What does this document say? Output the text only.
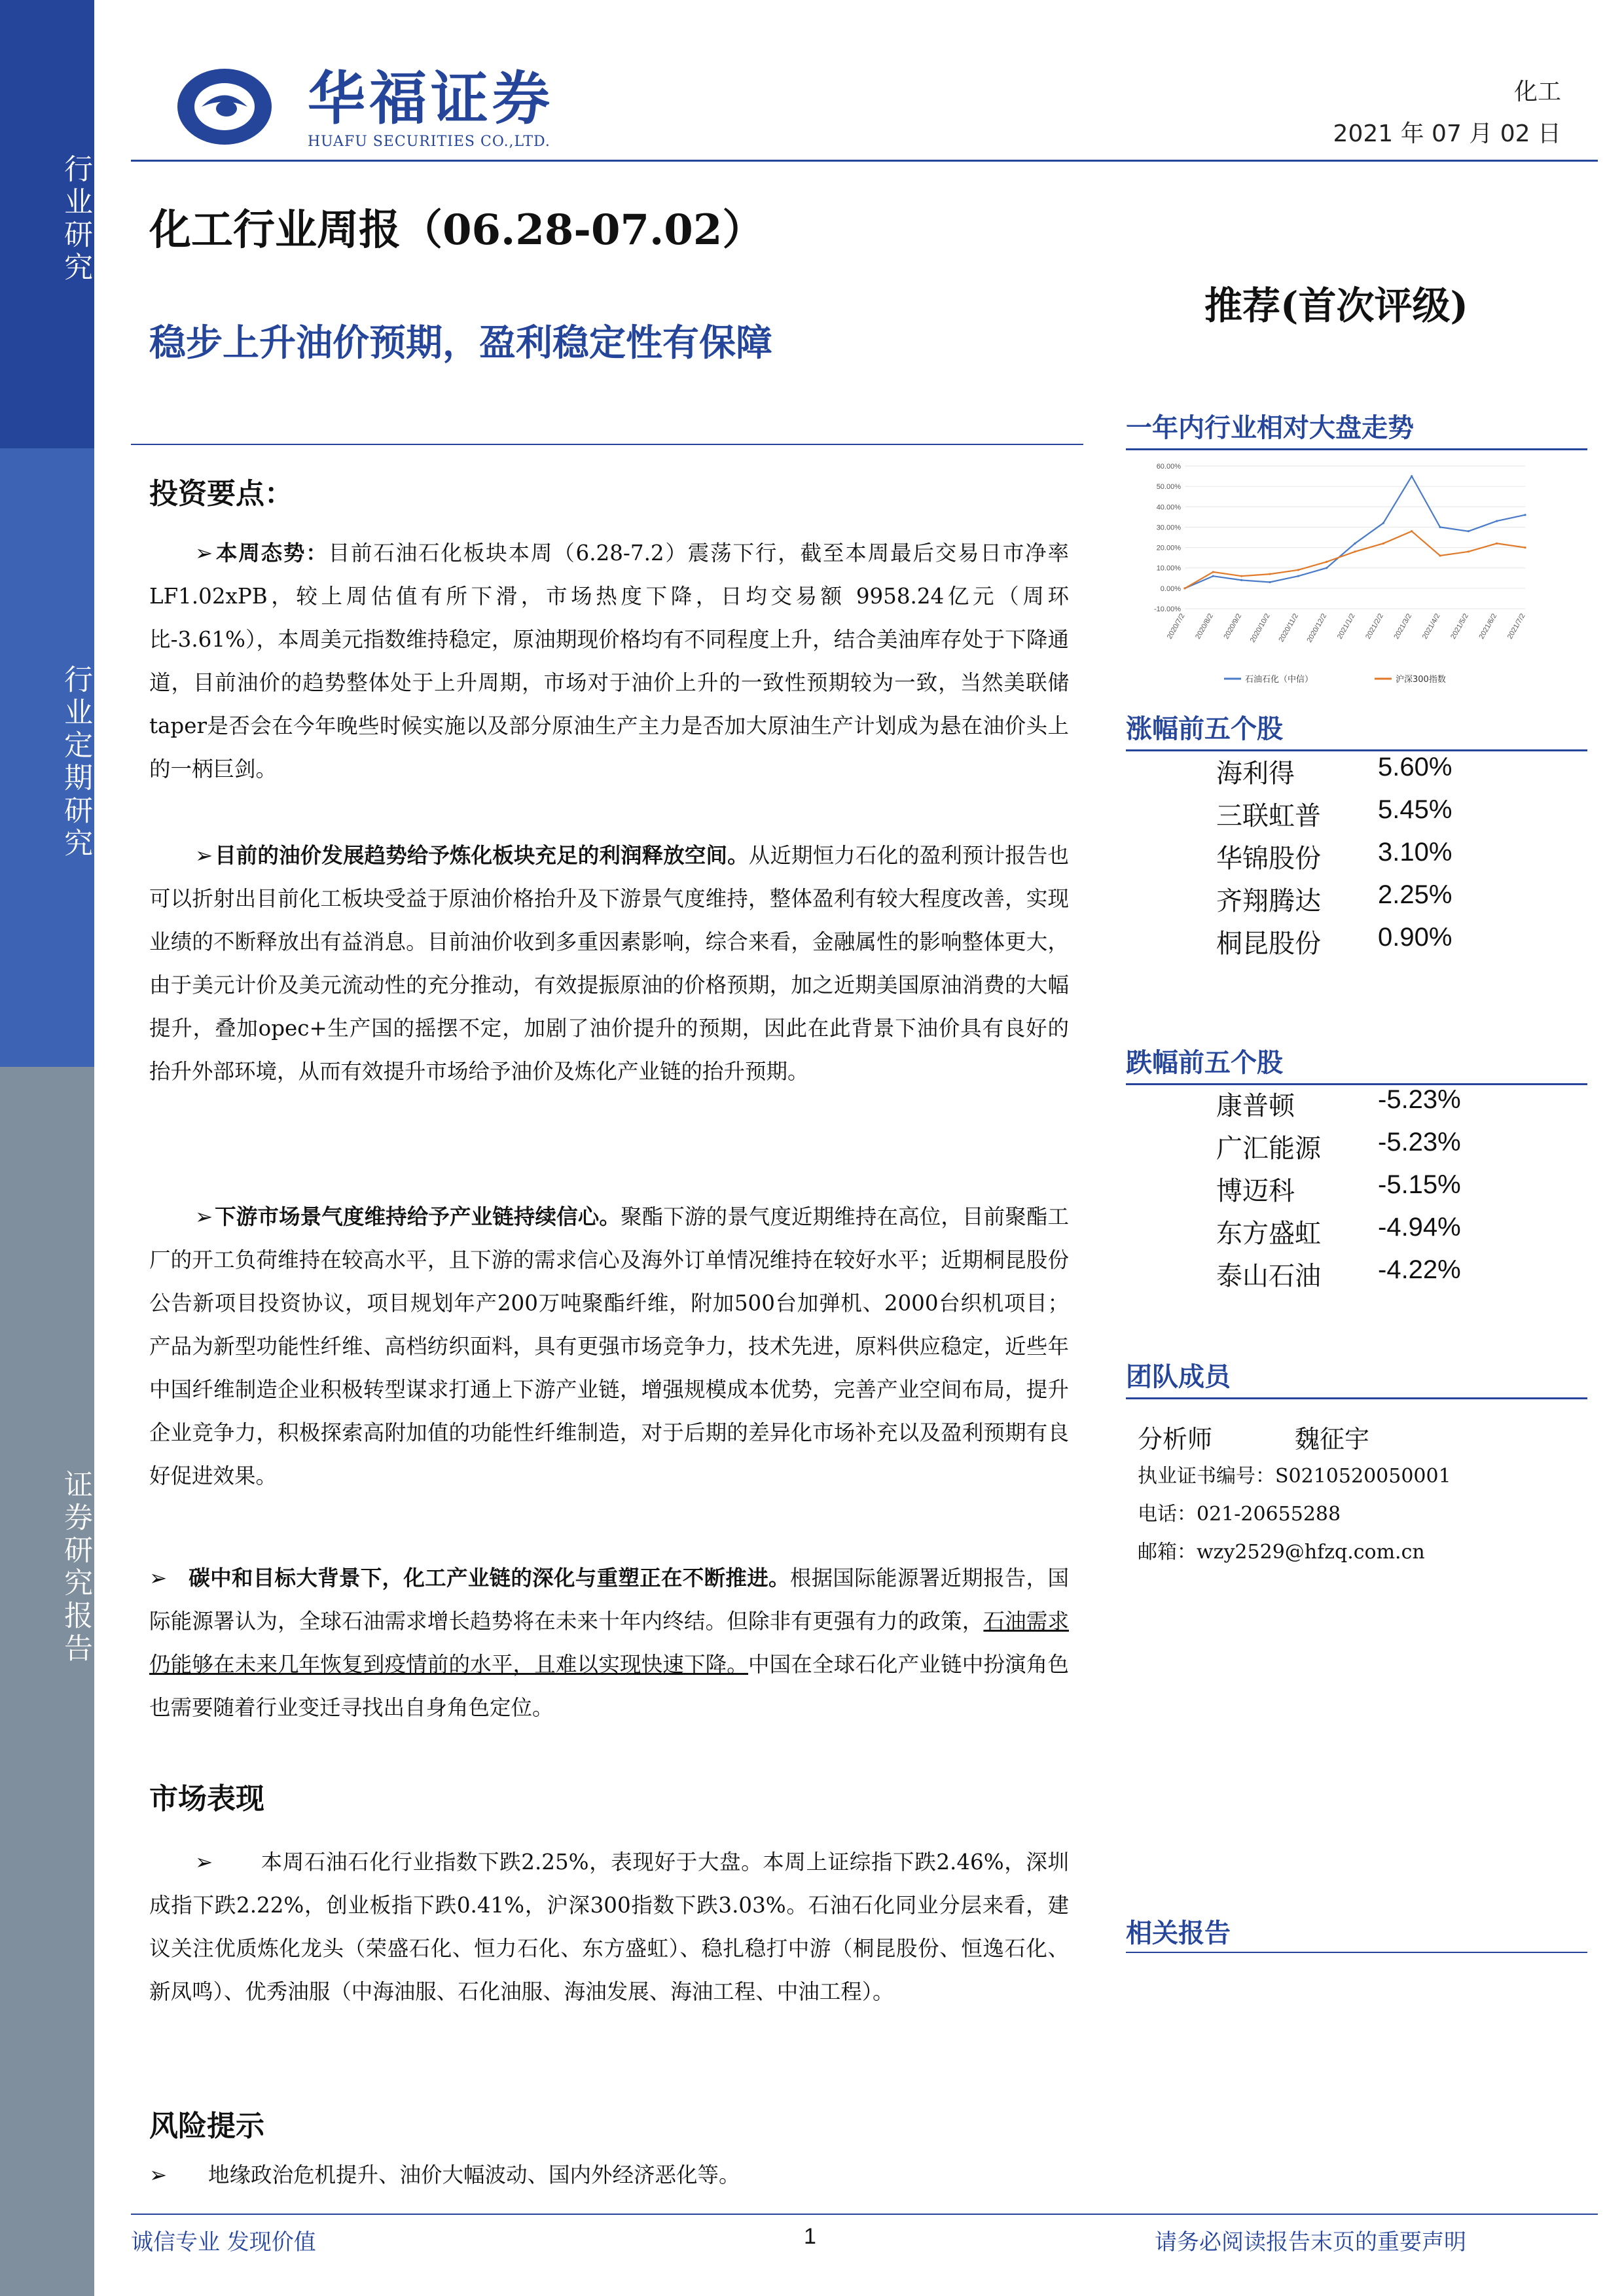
行业研究
行业定期研究
证券研究报告
华福证券
HUAFU SECURITIES CO.,LTD.
化工
2021 年 07 月 02 日
化工行业周报（06.28-07.02）
推荐(首次评级)
稳步上升油价预期，盈利稳定性有保障
投资要点：
➢本周态势：目前石油石化板块本周（6.28-7.2）震荡下行，截至本周最后交易日市净率LF1.02xPB，较上周估值有所下滑，市场热度下降，日均交易额 9958.24亿元（周环比-3.61%），本周美元指数维持稳定，原油期现价格均有不同程度上升，结合美油库存处于下降通道，目前油价的趋势整体处于上升周期，市场对于油价上升的一致性预期较为一致，当然美联储taper是否会在今年晚些时候实施以及部分原油生产主力是否加大原油生产计划成为悬在油价头上的一柄巨剑。
➢目前的油价发展趋势给予炼化板块充足的利润释放空间。从近期恒力石化的盈利预计报告也可以折射出目前化工板块受益于原油价格抬升及下游景气度维持，整体盈利有较大程度改善，实现业绩的不断释放出有益消息。目前油价收到多重因素影响，综合来看，金融属性的影响整体更大，由于美元计价及美元流动性的充分推动，有效提振原油的价格预期，加之近期美国原油消费的大幅提升，叠加opec+生产国的摇摆不定，加剧了油价提升的预期，因此在此背景下油价具有良好的抬升外部环境，从而有效提升市场给予油价及炼化产业链的抬升预期。
➢下游市场景气度维持给予产业链持续信心。聚酯下游的景气度近期维持在高位，目前聚酯工厂的开工负荷维持在较高水平，且下游的需求信心及海外订单情况维持在较好水平；近期桐昆股份公告新项目投资协议，项目规划年产200万吨聚酯纤维，附加500台加弹机、2000台织机项目；产品为新型功能性纤维、高档纺织面料，具有更强市场竞争力，技术先进，原料供应稳定，近些年中国纤维制造企业积极转型谋求打通上下游产业链，增强规模成本优势，完善产业空间布局，提升企业竞争力，积极探索高附加值的功能性纤维制造，对于后期的差异化市场补充以及盈利预期有良好促进效果。
➢ 碳中和目标大背景下，化工产业链的深化与重塑正在不断推进。根据国际能源署近期报告，国际能源署认为，全球石油需求增长趋势将在未来十年内终结。但除非有更强有力的政策，石油需求仍能够在未来几年恢复到疫情前的水平，且难以实现快速下降。中国在全球石化产业链中扮演角色也需要随着行业变迁寻找出自身角色定位。
市场表现
➢ 本周石油石化行业指数下跌2.25%，表现好于大盘。本周上证综指下跌2.46%，深圳成指下跌2.22%，创业板指下跌0.41%，沪深300指数下跌3.03%。石油石化同业分层来看，建议关注优质炼化龙头（荣盛石化、恒力石化、东方盛虹）、稳扎稳打中游（桐昆股份、恒逸石化、新凤鸣）、优秀油服（中海油服、石化油服、海油发展、海油工程、中油工程）。
风险提示
➢ 地缘政治危机提升、油价大幅波动、国内外经济恶化等。
一年内行业相对大盘走势
60.00%
50.00%
40.00%
30.00%
20.00%
10.00%
0.00%
-10.00%
2020/7/2 2020/8/2 2020/9/2 2020/10/2 2020/11/2 2020/12/2 2021/1/2 2021/2/2 2021/3/2 2021/4/2 2021/5/2 2021/6/2 2021/7/2
石油石化（中信）	沪深300指数
涨幅前五个股
海利得	5.60%
三联虹普 5.45%
华锦股份 3.10%
齐翔腾达 2.25%
桐昆股份 0.90%
跌幅前五个股
康普顿	-5.23%
广汇能源 -5.23%
博迈科	-5.15%
东方盛虹 -4.94%
泰山石油 -4.22%
团队成员
分析师	魏征宇
执业证书编号：S0210520050001
电话：021-20655288
邮箱：wzy2529@hfzq.com.cn
相关报告
诚信专业 发现价值	1	请务必阅读报告末页的重要声明
